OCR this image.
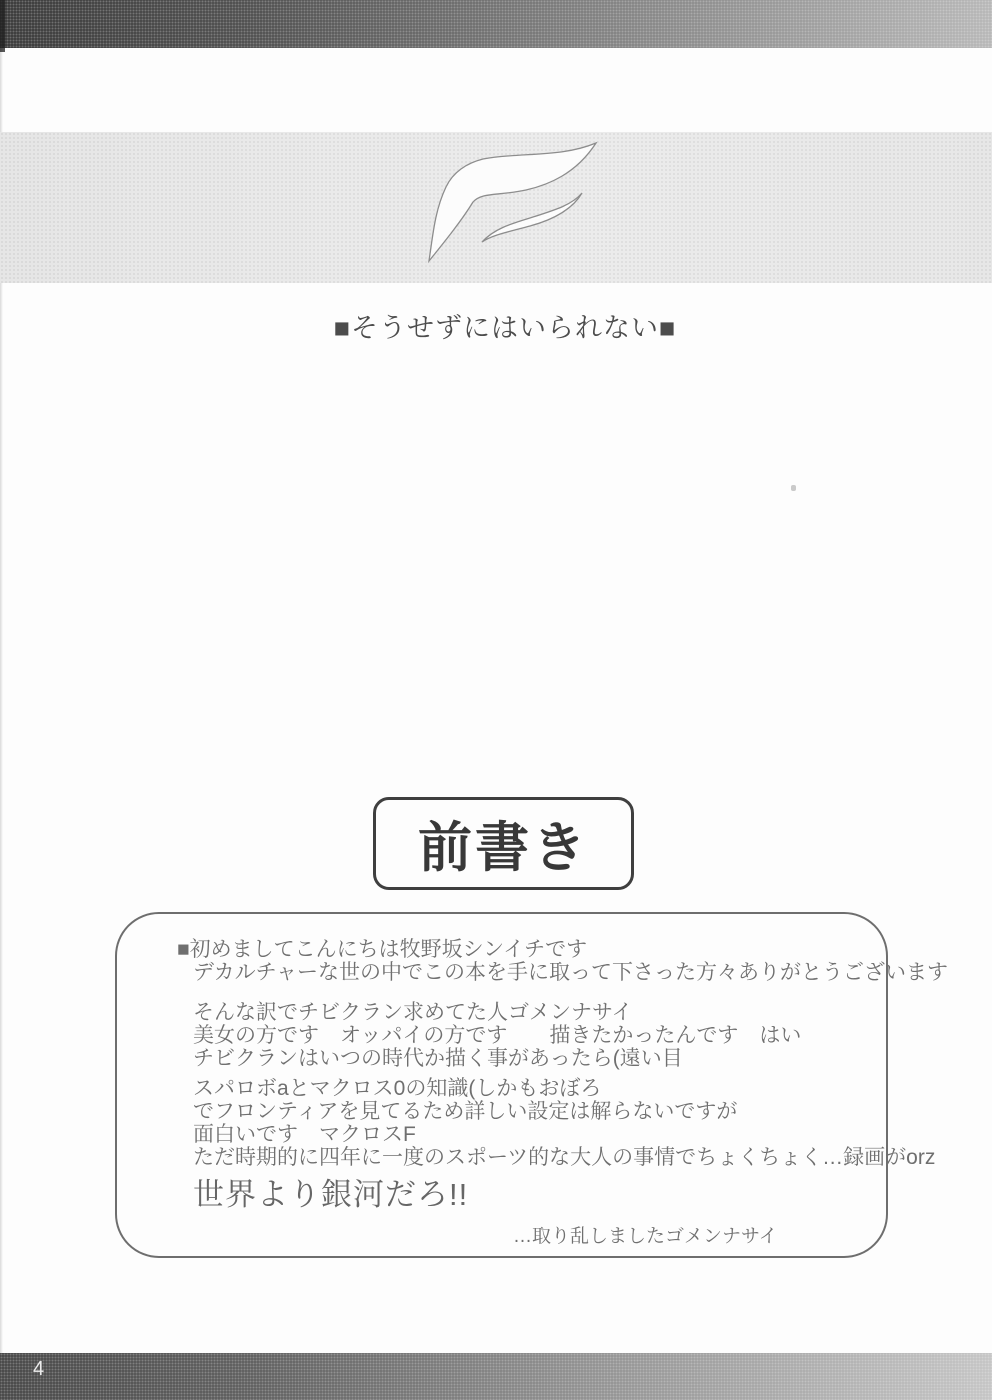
■そうせずにはいられない■
前書き
■初めましてこんにちは牧野坂シンイチです
デカルチャーな世の中でこの本を手に取って下さった方々ありがとうございます
そんな訳でチビクラン求めてた人ゴメンナサイ
美女の方です　オッパイの方です　　描きたかったんです　はい
チビクランはいつの時代か描く事があったら(遠い目
スパロボaとマクロス0の知識(しかもおぼろ
でフロンティアを見てるため詳しい設定は解らないですが
面白いです　マクロスF
ただ時期的に四年に一度のスポーツ的な大人の事情でちょくちょく…録画がorz
世界より銀河だろ!!
…取り乱しましたゴメンナサイ
4
